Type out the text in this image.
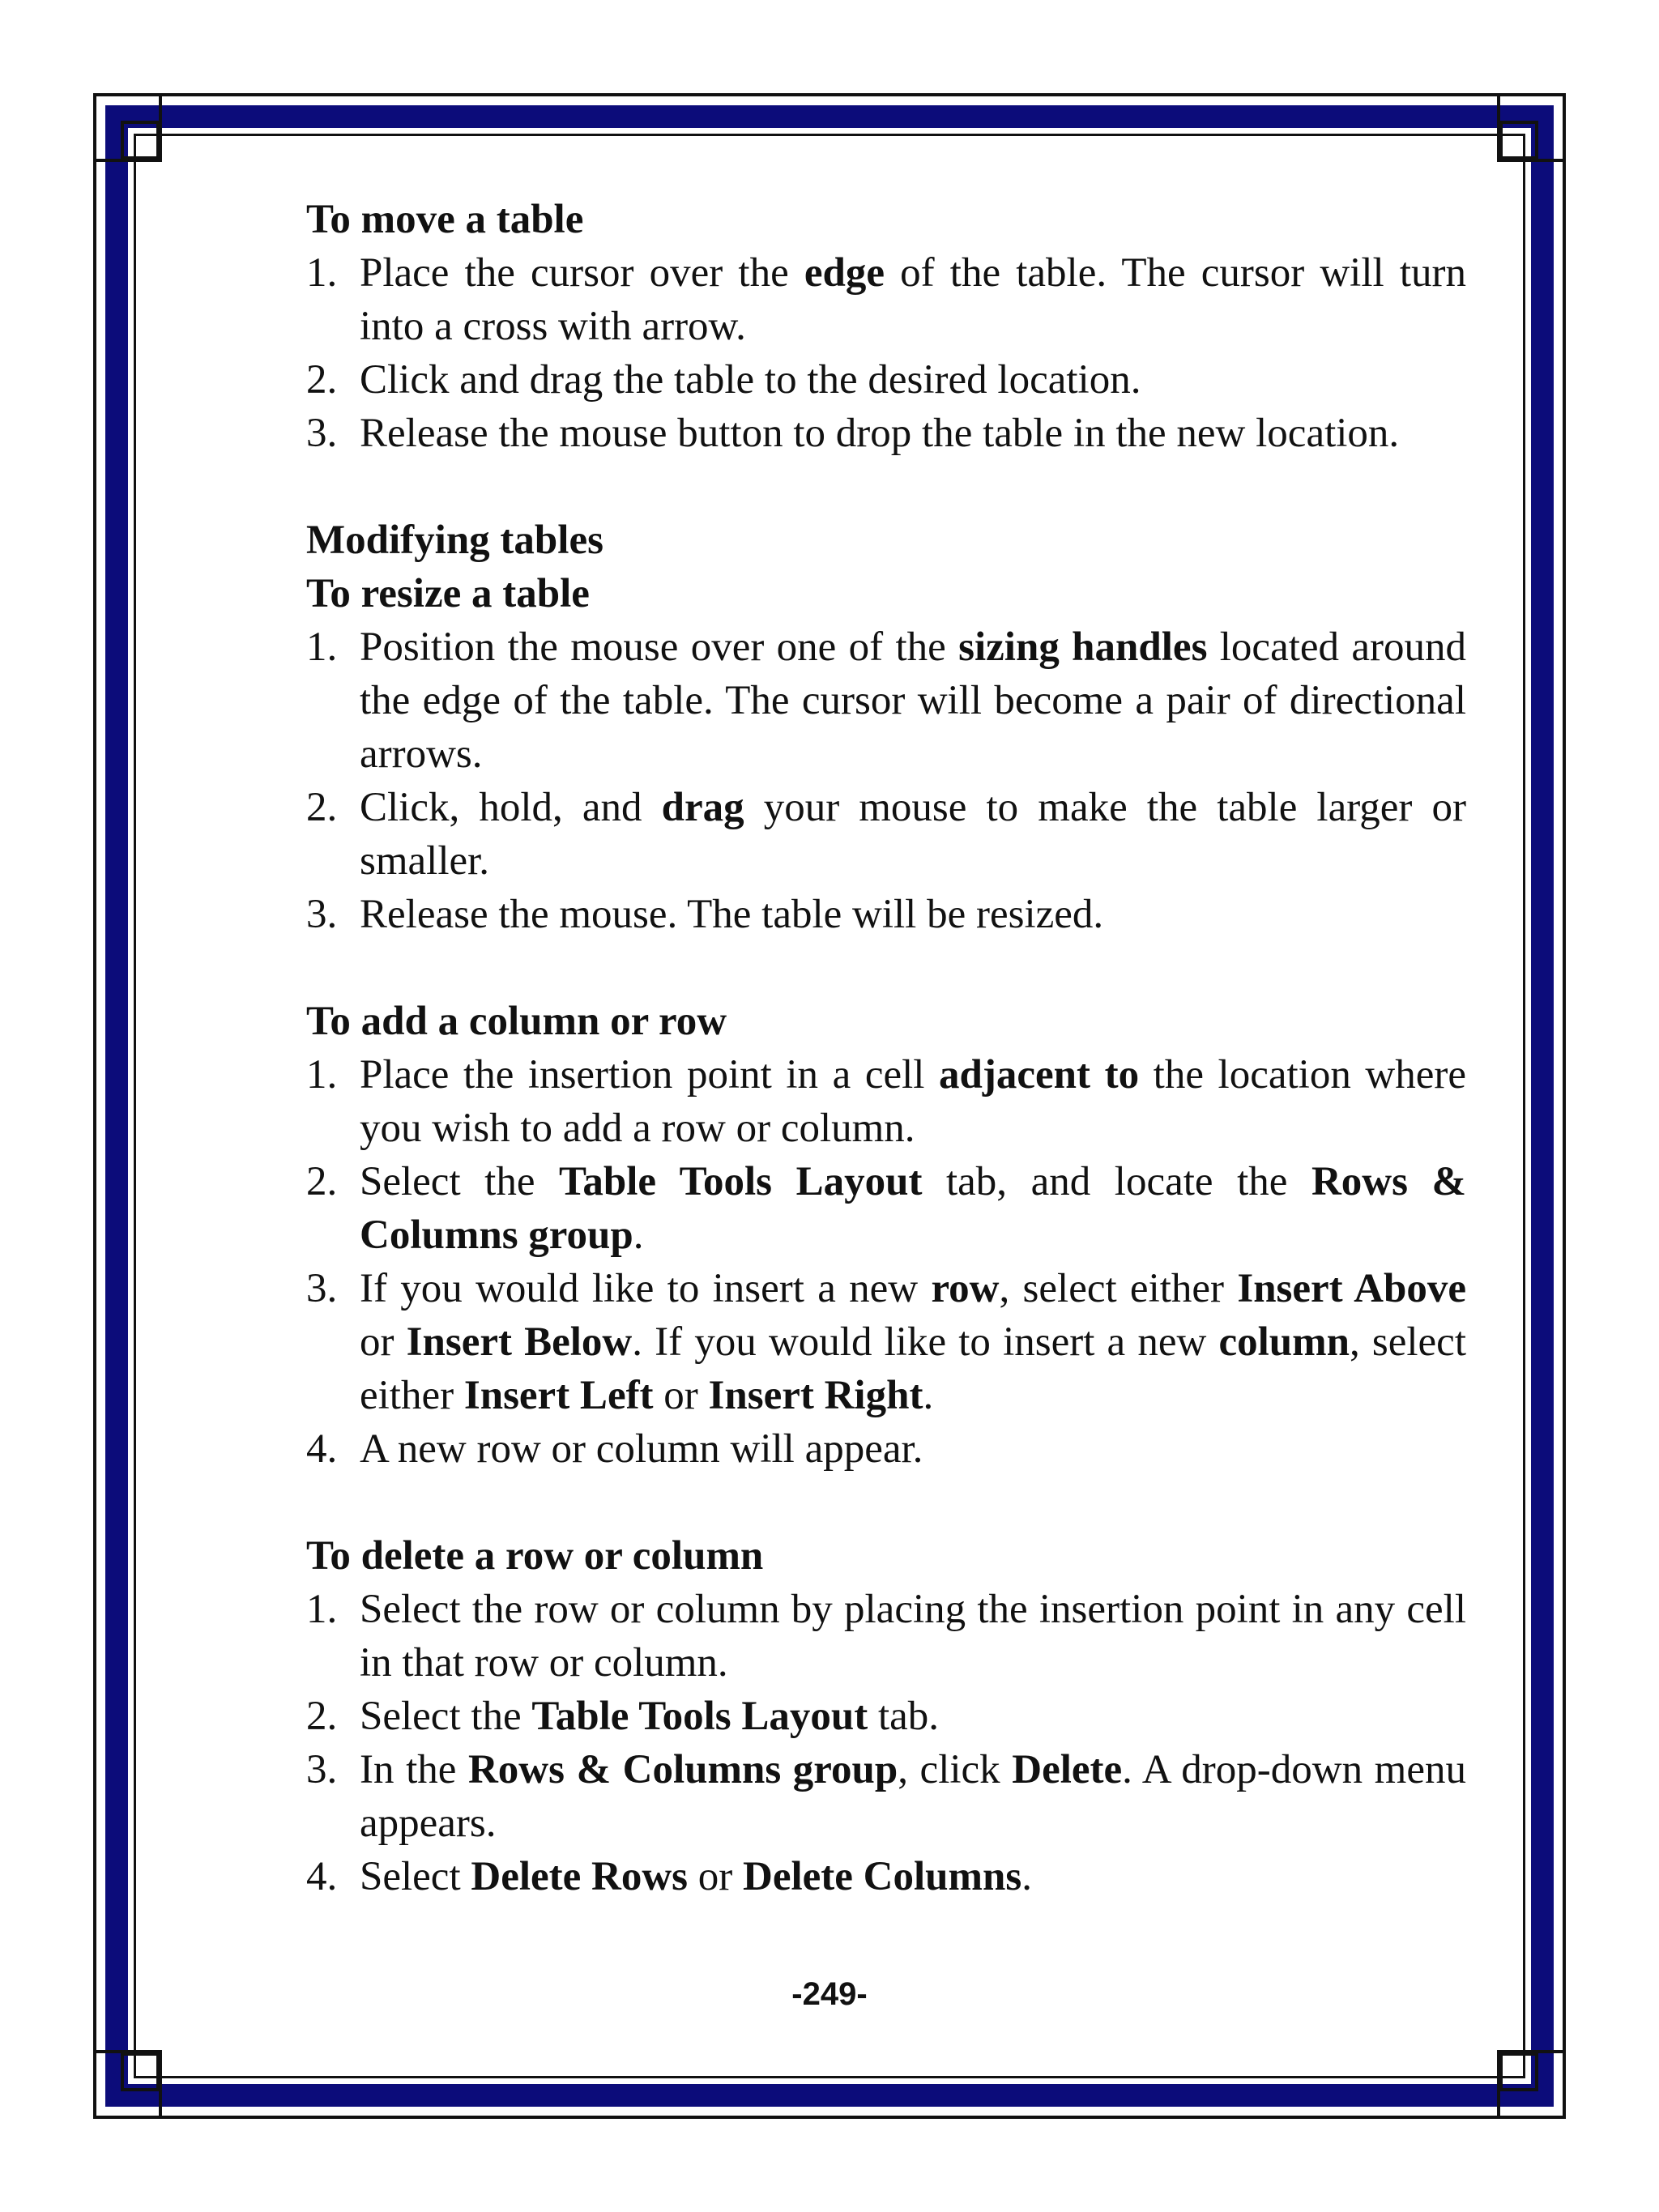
To move a table

1. Place the cursor over the edge of the table. The cursor will turn into a cross with arrow.
2. Click and drag the table to the desired location.
3. Release the mouse button to drop the table in the new location.

Modifying tables

To resize a table

1. Position the mouse over one of the sizing handles located around the edge of the table. The cursor will become a pair of directional arrows.
2. Click, hold, and drag your mouse to make the table larger or smaller.
3. Release the mouse. The table will be resized.

To add a column or row

1. Place the insertion point in a cell adjacent to the location where you wish to add a row or column.
2. Select the Table Tools Layout tab, and locate the Rows & Columns group.
3. If you would like to insert a new row, select either Insert Above or Insert Below. If you would like to insert a new column, select either Insert Left or Insert Right.
4. A new row or column will appear.

To delete a row or column

1. Select the row or column by placing the insertion point in any cell in that row or column.
2. Select the Table Tools Layout tab.
3. In the Rows & Columns group, click Delete. A drop-down menu appears.
4. Select Delete Rows or Delete Columns.
-249-
